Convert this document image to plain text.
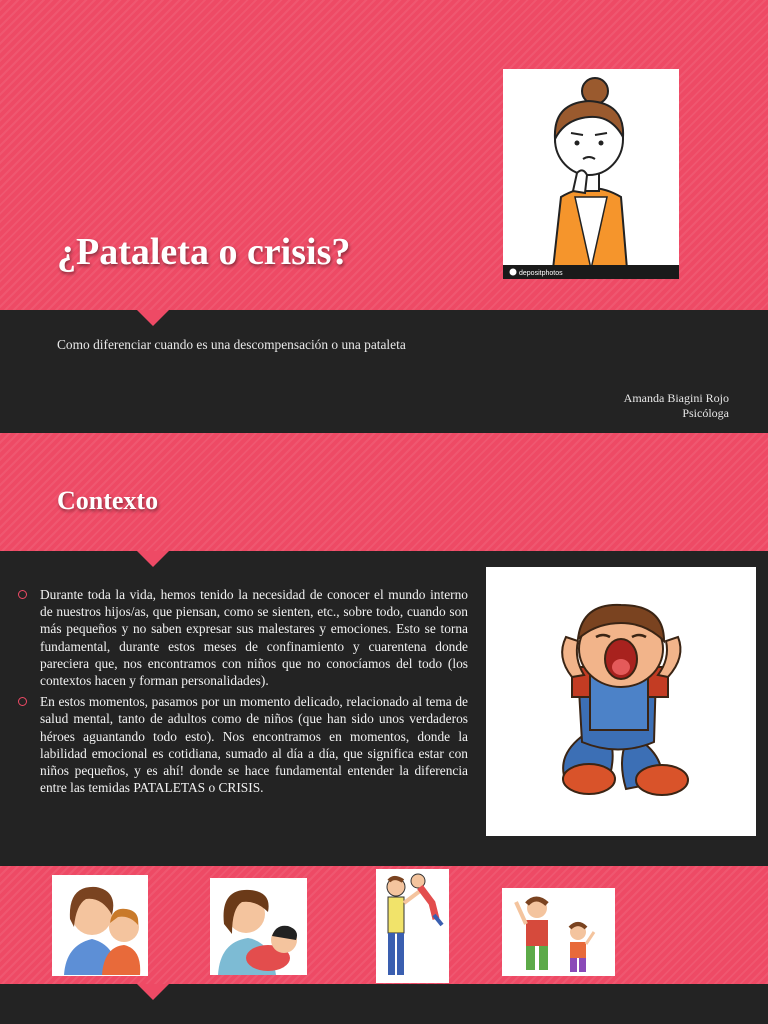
¿Pataleta o crisis?
depositphotos
Como diferenciar cuando es una descompensación o una pataleta
Amanda Biagini Rojo
Psicóloga
Contexto
Durante toda la vida, hemos tenido la necesidad de conocer el mundo interno de nuestros hijos/as, que piensan, como se sienten, etc., sobre todo, cuando son más pequeños y no saben expresar sus malestares y emociones. Esto se torna fundamental, durante estos meses de confinamiento y cuarentena donde pareciera que, nos encontramos con niños que no conocíamos del todo (los contextos hacen y forman personalidades).
En estos momentos, pasamos por un momento delicado, relacionado al tema de salud mental, tanto de adultos como de niños (que han sido unos verdaderos héroes aguantando todo esto). Nos encontramos en momentos, donde la labilidad emocional es cotidiana, sumado al día a día, que significa estar con niños pequeños, y es ahí! donde se hace fundamental entender la diferencia entre las temidas PATALETAS o CRISIS.
